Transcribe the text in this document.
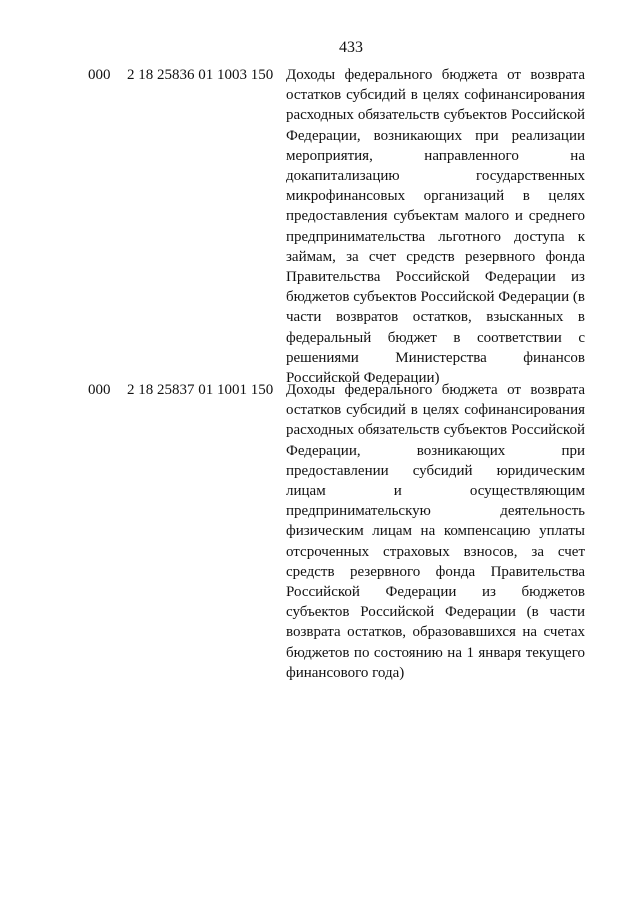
433
000 2 18 25836 01 1003 150 Доходы федерального бюджета от возврата остатков субсидий в целях софинансирования расходных обязательств субъектов Российской Федерации, возникающих при реализации мероприятия, направленного на докапитализацию государственных микрофинансовых организаций в целях предоставления субъектам малого и среднего предпринимательства льготного доступа к займам, за счет средств резервного фонда Правительства Российской Федерации из бюджетов субъектов Российской Федерации (в части возвратов остатков, взысканных в федеральный бюджет в соответствии с решениями Министерства финансов Российской Федерации)

000 2 18 25837 01 1001 150 Доходы федерального бюджета от возврата остатков субсидий в целях софинансирования расходных обязательств субъектов Российской Федерации, возникающих при предоставлении субсидий юридическим лицам и осуществляющим предпринимательскую деятельность физическим лицам на компенсацию уплаты отсроченных страховых взносов, за счет средств резервного фонда Правительства Российской Федерации из бюджетов субъектов Российской Федерации (в части возврата остатков, образовавшихся на счетах бюджетов по состоянию на 1 января текущего финансового года)
